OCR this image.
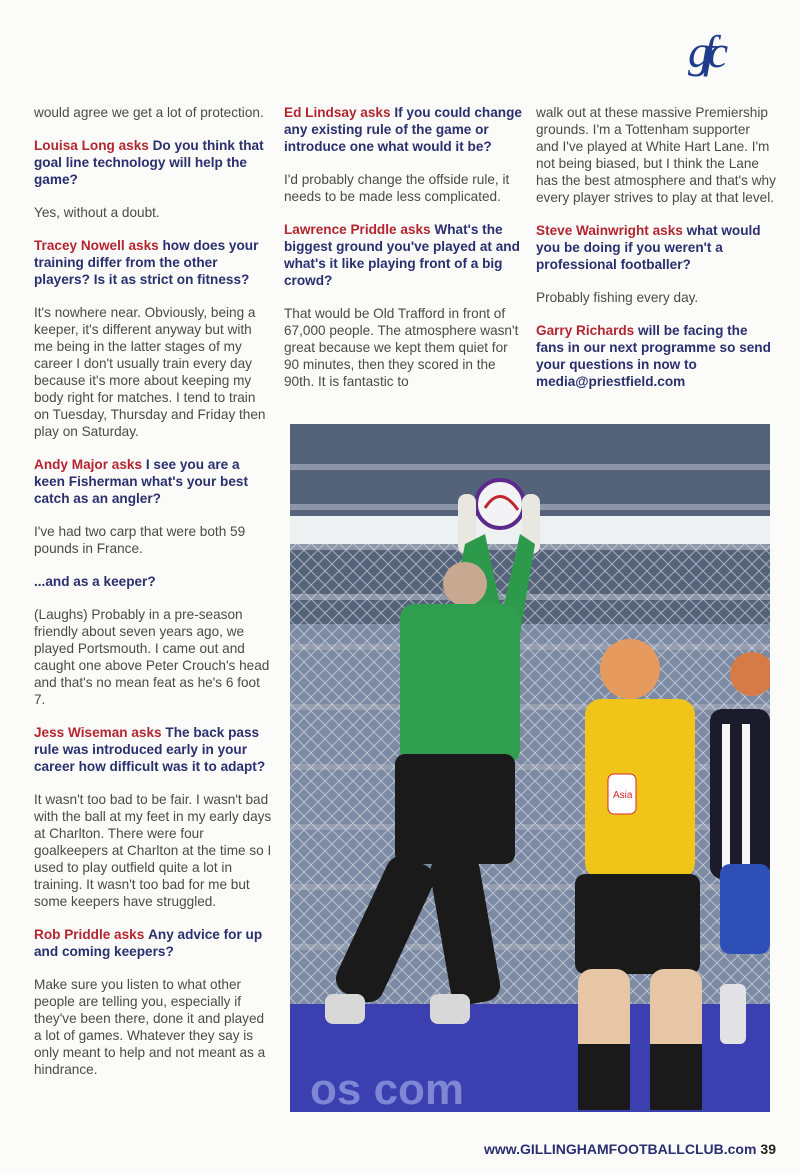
gfc
would agree we get a lot of protection.
Louisa Long asks Do you think that goal line technology will help the game?
Yes, without a doubt.
Tracey Nowell asks how does your training differ from the other players? Is it as strict on fitness?
It's nowhere near. Obviously, being a keeper, it's different anyway but with me being in the latter stages of my career I don't usually train every day because it's more about keeping my body right for matches. I tend to train on Tuesday, Thursday and Friday then play on Saturday.
Andy Major asks I see you are a keen Fisherman what's your best catch as an angler?
I've had two carp that were both 59 pounds in France.
...and as a keeper?
(Laughs) Probably in a pre-season friendly about seven years ago, we played Portsmouth. I came out and caught one above Peter Crouch's head and that's no mean feat as he's 6 foot 7.
Jess Wiseman asks The back pass rule was introduced early in your career how difficult was it to adapt?
It wasn't too bad to be fair. I wasn't bad with the ball at my feet in my early days at Charlton. There were four goalkeepers at Charlton at the time so I used to play outfield quite a lot in training. It wasn't too bad for me but some keepers have struggled.
Rob Priddle asks Any advice for up and coming keepers?
Make sure you listen to what other people are telling you, especially if they've been there, done it and played a lot of games. Whatever they say is only meant to help and not meant as a hindrance.
Ed Lindsay asks If you could change any existing rule of the game or introduce one what would it be?
I'd probably change the offside rule, it needs to be made less complicated.
Lawrence Priddle asks What's the biggest ground you've played at and what's it like playing front of a big crowd?
That would be Old Trafford in front of 67,000 people. The atmosphere wasn't great because we kept them quiet for 90 minutes, then they scored in the 90th. It is fantastic to
walk out at these massive Premiership grounds. I'm a Tottenham supporter and I've played at White Hart Lane. I'm not being biased, but I think the Lane has the best atmosphere and that's why every player strives to play at that level.
Steve Wainwright asks what would you be doing if you weren't a professional footballer?
Probably fishing every day.
Garry Richards will be facing the fans in our next programme so send your questions in now to media@priestfield.com
os com
Asia
www.GILLINGHAMFOOTBALLCLUB.com 39
